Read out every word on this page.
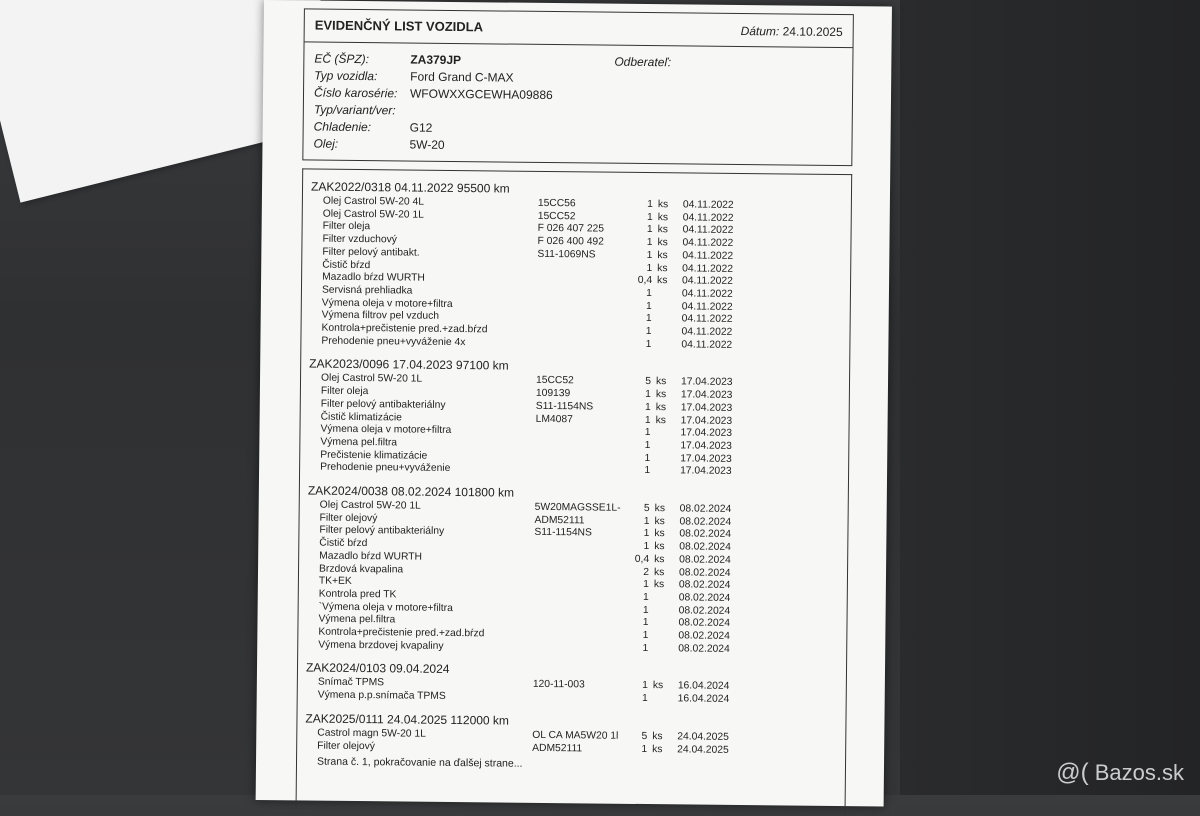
EVIDENČNÝ LIST VOZIDLA	Dátum: 24.10.2025
EČ (ŠPZ):	ZA379JP
Typ vozidla:	Ford Grand C-MAX
Číslo karosérie:	WFOWXXGCEWHA09886
Typ/variant/ver:
Chladenie:	G12
Olej:	5W-20
Odberateľ:
ZAK2022/0318 04.11.2022 95500 km
Olej Castrol 5W-20 4L	15CC56	1 ks 04.11.2022
Olej Castrol 5W-20 1L	15CC52	1 ks 04.11.2022
Filter oleja	F 026 407 225	1 ks 04.11.2022
Filter vzduchový	F 026 400 492	1 ks 04.11.2022
Filter pelový antibakt.	S11-1069NS	1 ks 04.11.2022
Čistič bŕzd	1 ks 04.11.2022
Mazadlo bŕzd WURTH	0,4 ks 04.11.2022
Servisná prehliadka	1	04.11.2022
Výmena oleja v motore+filtra	1	04.11.2022
Výmena filtrov pel vzduch	1	04.11.2022
Kontrola+prečistenie pred.+zad.bŕzd	1	04.11.2022
Prehodenie pneu+vyváženie 4x	1	04.11.2022
ZAK2023/0096 17.04.2023 97100 km
Olej Castrol 5W-20 1L	15CC52	5 ks 17.04.2023
Filter oleja	109139	1 ks 17.04.2023
Filter pelový antibakteriálny	S11-1154NS	1 ks 17.04.2023
Čistič klimatizácie	LM4087	1 ks 17.04.2023
Výmena oleja v motore+filtra	1	17.04.2023
Výmena pel.filtra	1	17.04.2023
Prečistenie klimatizácie	1	17.04.2023
Prehodenie pneu+vyváženie	1	17.04.2023
ZAK2024/0038 08.02.2024 101800 km
Olej Castrol 5W-20 1L	5W20MAGSSE1L-	5 ks 08.02.2024
Filter olejový	ADM52111	1 ks 08.02.2024
Filter pelový antibakteriálny	S11-1154NS	1 ks 08.02.2024
Čistič bŕzd	1 ks 08.02.2024
Mazadlo bŕzd WURTH	0,4 ks 08.02.2024
Brzdová kvapalina	2 ks 08.02.2024
TK+EK	1 ks 08.02.2024
Kontrola pred TK	1	08.02.2024
`Výmena oleja v motore+filtra	1	08.02.2024
Výmena pel.filtra	1	08.02.2024
Kontrola+prečistenie pred.+zad.bŕzd	1	08.02.2024
Výmena brzdovej kvapaliny	1	08.02.2024
ZAK2024/0103 09.04.2024
Snímač TPMS	120-11-003	1 ks 16.04.2024
Výmena p.p.snímača TPMS	1	16.04.2024
ZAK2025/0111 24.04.2025 112000 km
Castrol magn 5W-20 1L	OL CA MA5W20 1l	5 ks 24.04.2025
Filter olejový	ADM52111	1 ks 24.04.2025
Strana č. 1, pokračovanie na ďalšej strane...	@( Bazos.sk
